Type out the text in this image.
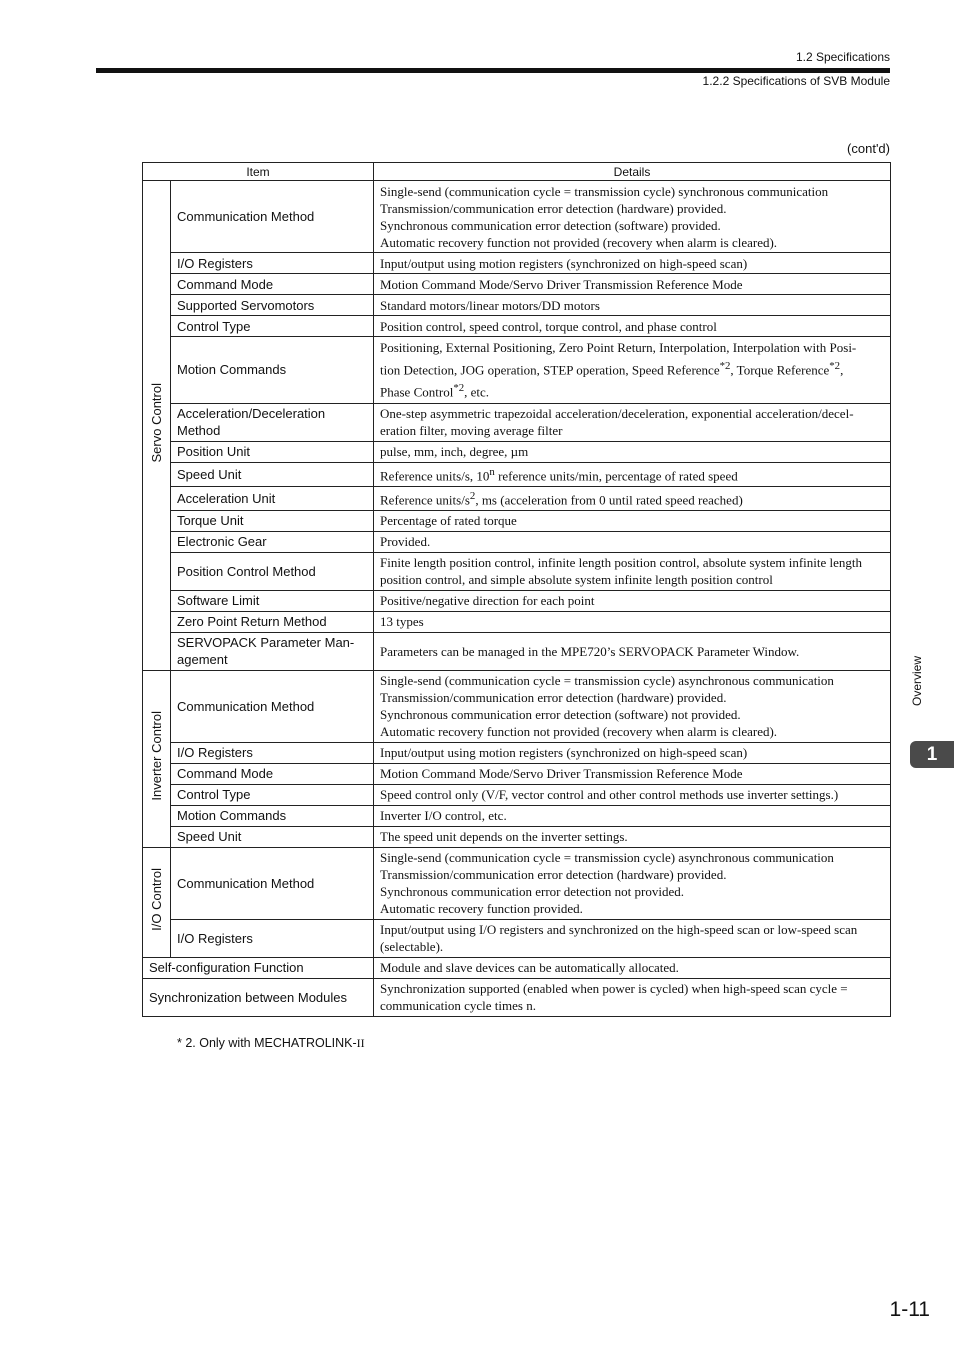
1.2 Specifications
1.2.2 Specifications of SVB Module
(cont'd)
Item		Details
Servo Control	Communication Method	Single-send (communication cycle = transmission cycle) synchronous communication
Transmission/communication error detection (hardware) provided.
Synchronous communication error detection (software) provided.
Automatic recovery function not provided (recovery when alarm is cleared).

	I/O Registers	Input/output using motion registers (synchronized on high-speed scan)
	Command Mode	Motion Command Mode/Servo Driver Transmission Reference Mode
	Supported Servomotors	Standard motors/linear motors/DD motors
	Control Type	Position control, speed control, torque control, and phase control
	Motion Commands	Positioning, External Positioning, Zero Point Return, Interpolation, Interpolation with Posi-
tion Detection, JOG operation, STEP operation, Speed Reference$^{*2}$, Torque Reference$^{*2}$,
Phase Control$^{*2}$, etc.

	Acceleration/Deceleration Method	One-step asymmetric trapezoidal acceleration/deceleration, exponential acceleration/decel-
eration filter, moving average filter

	Position Unit	pulse, mm, inch, degree, µm
	Speed Unit	Reference units/s, 10$^n$ reference units/min, percentage of rated speed
	Acceleration Unit	Reference units/$s^2$, ms (acceleration from 0 until rated speed reached)
	Torque Unit	Percentage of rated torque
	Electronic Gear	Provided.
	Position Control Method	Finite length position control, infinite length position control, absolute system infinite length
position control, and simple absolute system infinite length position control

	Software Limit	Positive/negative direction for each point
	Zero Point Return Method	13 types
	SERVOPACK Parameter Man-agement	Parameters can be managed in the MPE720’s SERVOPACK Parameter Window.
Inverter Control	Communication Method	Single-send (communication cycle = transmission cycle) asynchronous communication
Transmission/communication error detection (hardware) provided.
Synchronous communication error detection (software) not provided.
Automatic recovery function not provided (recovery when alarm is cleared).

	I/O Registers	Input/output using motion registers (synchronized on high-speed scan)
	Command Mode	Motion Command Mode/Servo Driver Transmission Reference Mode
	Control Type	Speed control only (V/F, vector control and other control methods use inverter settings.)
	Motion Commands	Inverter I/O control, etc.
	Speed Unit	The speed unit depends on the inverter settings.
I/O Control	Communication Method	Single-send (communication cycle = transmission cycle) asynchronous communication
Transmission/communication error detection (hardware) provided.
Synchronous communication error detection not provided.
Automatic recovery function provided.

	I/O Registers	Input/output using I/O registers and synchronized on the high-speed scan or low-speed scan
(selectable).

Self-configuration Function		Module and slave devices can be automatically allocated.
Synchronization between Modules		Synchronization supported (enabled when power is cycled) when high-speed scan cycle =
communication cycle times n.
* 2. Only with MECHATROLINK-II
Overview
1
1-11
